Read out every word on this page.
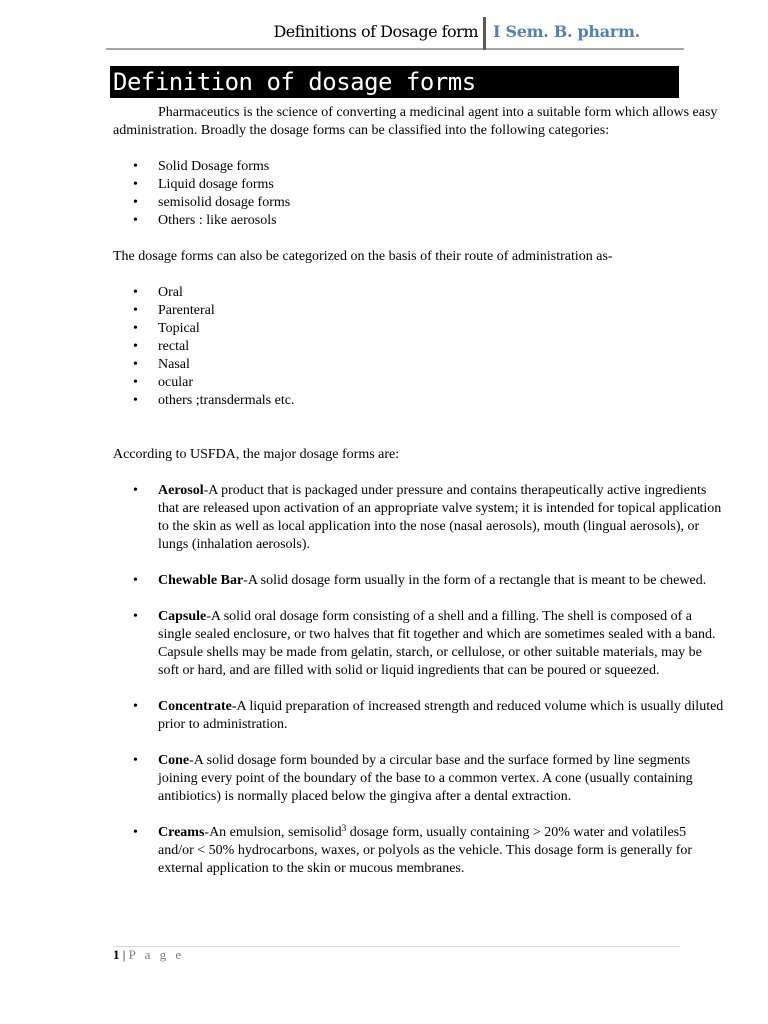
Definitions of Dosage form I Sem. B. pharm.
Definition of dosage forms

Pharmaceutics is the science of converting a medicinal agent into a suitable form which allows easy administration. Broadly the dosage forms can be classified into the following categories:

• Solid Dosage forms
• Liquid dosage forms
• semisolid dosage forms
• Others : like aerosols

The dosage forms can also be categorized on the basis of their route of administration as-

• Oral
• Parenteral
• Topical
• rectal
• Nasal
• ocular
• others ;transdermals etc.

According to USFDA, the major dosage forms are:

• Aerosol-A product that is packaged under pressure and contains therapeutically active ingredients that are released upon activation of an appropriate valve system; it is intended for topical application to the skin as well as local application into the nose (nasal aerosols), mouth (lingual aerosols), or lungs (inhalation aerosols).
• Chewable Bar-A solid dosage form usually in the form of a rectangle that is meant to be chewed.
• Capsule-A solid oral dosage form consisting of a shell and a filling. The shell is composed of a single sealed enclosure, or two halves that fit together and which are sometimes sealed with a band. Capsule shells may be made from gelatin, starch, or cellulose, or other suitable materials, may be soft or hard, and are filled with solid or liquid ingredients that can be poured or squeezed.
• Concentrate-A liquid preparation of increased strength and reduced volume which is usually diluted prior to administration.
• Cone-A solid dosage form bounded by a circular base and the surface formed by line segments joining every point of the boundary of the base to a common vertex. A cone (usually containing antibiotics) is normally placed below the gingiva after a dental extraction.
• Creams-An emulsion, semisolid$^3$ dosage form, usually containing > 20% water and volatiles5 and/or < 50% hydrocarbons, waxes, or polyols as the vehicle. This dosage form is generally for external application to the skin or mucous membranes.
1 | P a g e
